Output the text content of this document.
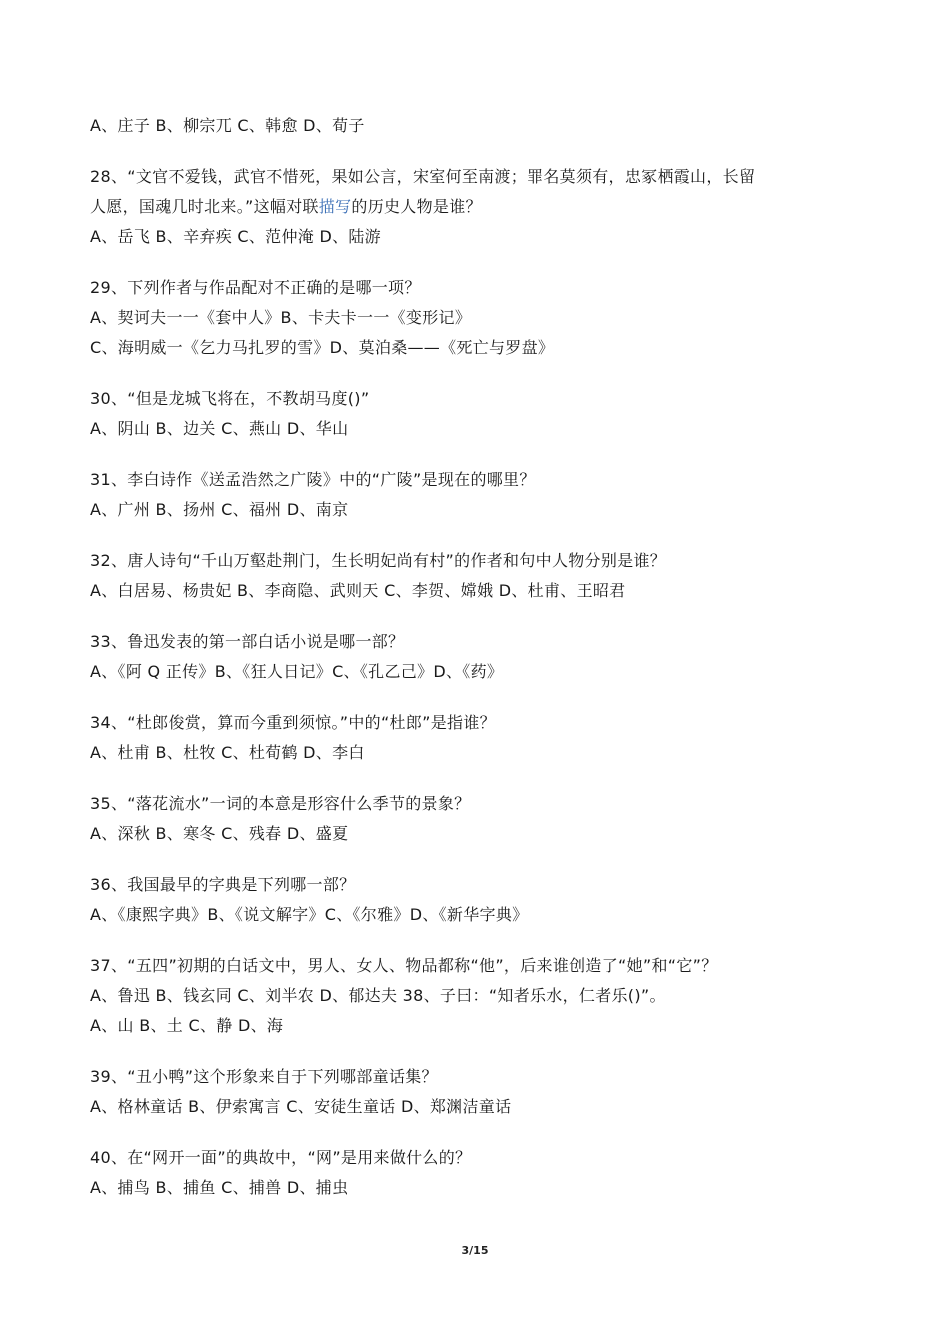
A、庄子 B、柳宗兀 C、韩愈 D、荀子
28、“文官不爱钱，武官不惜死，果如公言，宋室何至南渡；罪名莫须有，忠冢栖霞山，长留
人愿，国魂几时北来。”这幅对联描写的历史人物是谁？
A、岳飞 B、辛弃疾 C、范仲淹 D、陆游
29、下列作者与作品配对不正确的是哪一项？
A、契诃夫一一《套中人》B、卡夫卡一一《变形记》
C、海明威一《乞力马扎罗的雪》D、莫泊桑——《死亡与罗盘》
30、“但是龙城飞将在，不教胡马度()”
A、阴山 B、边关 C、燕山 D、华山
31、李白诗作《送孟浩然之广陵》中的“广陵”是现在的哪里？
A、广州 B、扬州 C、福州 D、南京
32、唐人诗句“千山万壑赴荆门，生长明妃尚有村”的作者和句中人物分别是谁？
A、白居易、杨贵妃 B、李商隐、武则天 C、李贺、嫦娥 D、杜甫、王昭君
33、鲁迅发表的第一部白话小说是哪一部？
A、《阿 Q 正传》B、《狂人日记》C、《孔乙己》D、《药》
34、“杜郎俊赏，算而今重到须惊。”中的“杜郎”是指谁？
A、杜甫 B、杜牧 C、杜荀鹤 D、李白
35、“落花流水”一词的本意是形容什么季节的景象？
A、深秋 B、寒冬 C、残春 D、盛夏
36、我国最早的字典是下列哪一部？
A、《康熙字典》B、《说文解字》C、《尔雅》D、《新华字典》
37、“五四”初期的白话文中，男人、女人、物品都称“他”，后来谁创造了“她”和“它”？
A、鲁迅 B、钱玄同 C、刘半农 D、郁达夫 38、子曰：“知者乐水，仁者乐()”。
A、山 B、土 C、静 D、海
39、“丑小鸭”这个形象来自于下列哪部童话集？
A、格林童话 B、伊索寓言 C、安徒生童话 D、郑渊洁童话
40、在“网开一面”的典故中，“网”是用来做什么的？
A、捕鸟 B、捕鱼 C、捕兽 D、捕虫
3/15
